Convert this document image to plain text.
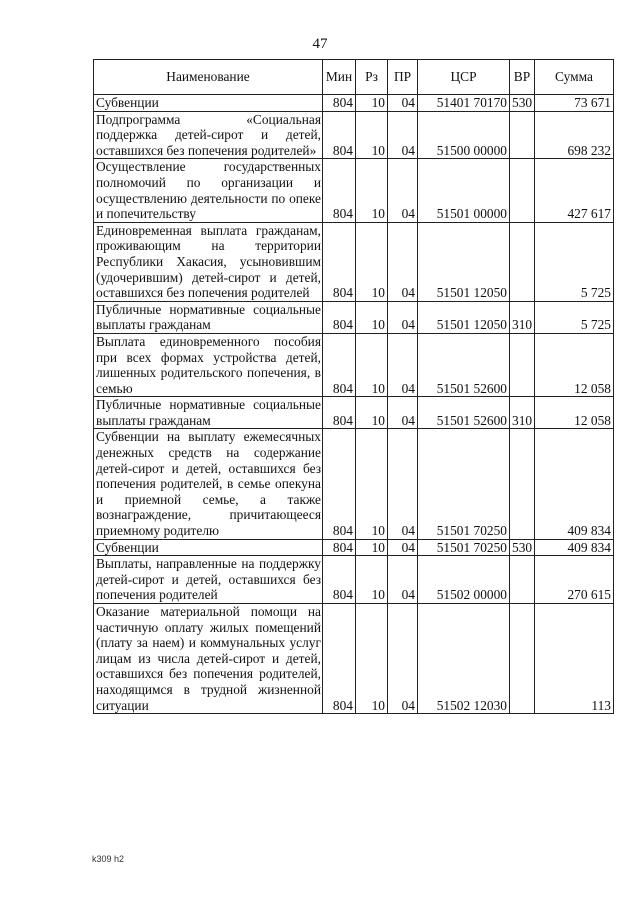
47
Наименование	Мин	Рз	ПР	ЦСР	ВР	Сумма
Субвенции	804	10	04	51401 70170	530	73 671
Подпрограмма «Социальная поддержка детей-сирот и детей, оставшихся без попечения родителей»	804	10	04	51500 00000		698 232
Осуществление государственных полномочий по организации и осуществлению деятельности по опеке и попечительству	804	10	04	51501 00000		427 617
Единовременная выплата гражданам, проживающим на территории Республики Хакасия, усыновившим (удочерившим) детей-сирот и детей, оставшихся без попечения родителей	804	10	04	51501 12050		5 725
Публичные нормативные социальные выплаты гражданам	804	10	04	51501 12050	310	5 725
Выплата единовременного пособия при всех формах устройства детей, лишенных родительского попечения, в семью	804	10	04	51501 52600		12 058
Публичные нормативные социальные выплаты гражданам	804	10	04	51501 52600	310	12 058
Субвенции на выплату ежемесячных денежных средств на содержание детей-сирот и детей, оставшихся без попечения родителей, в семье опекуна и приемной семье, а также вознаграждение, причитающееся приемному родителю	804	10	04	51501 70250		409 834
Субвенции	804	10	04	51501 70250	530	409 834
Выплаты, направленные на поддержку детей-сирот и детей, оставшихся без попечения родителей	804	10	04	51502 00000		270 615
Оказание материальной помощи на частичную оплату жилых помещений (плату за наем) и коммунальных услуг лицам из числа детей-сирот и детей, оставшихся без попечения родителей, находящимся в трудной жизненной ситуации	804	10	04	51502 12030		113
k309 h2
